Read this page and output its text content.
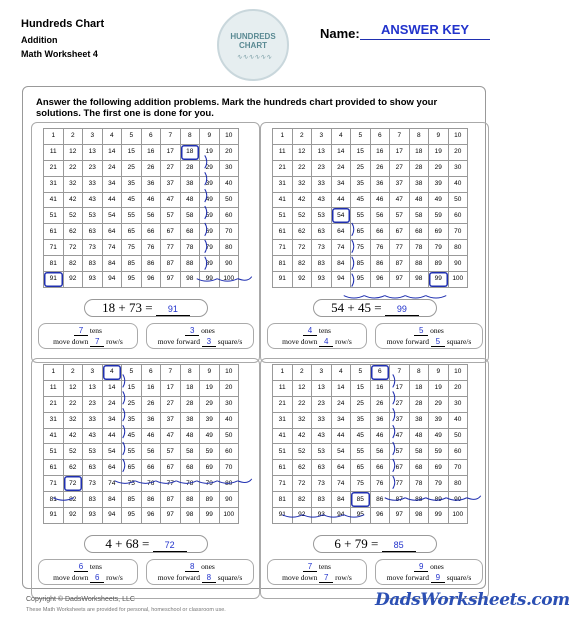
Hundreds Chart
Addition
Math Worksheet 4
HUNDREDS
CHART
∿∿∿∿∿∿
Name:	ANSWER KEY
Answer the following addition problems. Mark the hundreds chart provided to show your solutions. The first one is done for you.
1	2	3	4	5	6	7	8	9	10
11	12	13	14	15	16	17	18	19	20
21	22	23	24	25	26	27	28	29	30
31	32	33	34	35	36	37	38	39	40
41	42	43	44	45	46	47	48	49	50
51	52	53	54	55	56	57	58	59	60
61	62	63	64	65	66	67	68	69	70
71	72	73	74	75	76	77	78	79	80
81	82	83	84	85	86	87	88	89	90
91	92	93	94	95	96	97	98	99	100
18 + 73 = 91
7 tens
move down 7 row/s
3 ones
move forward 3 square/s
1	2	3	4	5	6	7	8	9	10
11	12	13	14	15	16	17	18	19	20
21	22	23	24	25	26	27	28	29	30
31	32	33	34	35	36	37	38	39	40
41	42	43	44	45	46	47	48	49	50
51	52	53	54	55	56	57	58	59	60
61	62	63	64	65	66	67	68	69	70
71	72	73	74	75	76	77	78	79	80
81	82	83	84	85	86	87	88	89	90
91	92	93	94	95	96	97	98	99	100
54 + 45 = 99
4 tens
move down 4 row/s
5 ones
move forward 5 square/s
1	2	3	4	5	6	7	8	9	10
11	12	13	14	15	16	17	18	19	20
21	22	23	24	25	26	27	28	29	30
31	32	33	34	35	36	37	38	39	40
41	42	43	44	45	46	47	48	49	50
51	52	53	54	55	56	57	58	59	60
61	62	63	64	65	66	67	68	69	70
71	72	73	74	75	76	77	78	79	80
81	82	83	84	85	86	87	88	89	90
91	92	93	94	95	96	97	98	99	100
4 + 68 = 72
6 tens
move down 6 row/s
8 ones
move forward 8 square/s
1	2	3	4	5	6	7	8	9	10
11	12	13	14	15	16	17	18	19	20
21	22	23	24	25	26	27	28	29	30
31	32	33	34	35	36	37	38	39	40
41	42	43	44	45	46	47	48	49	50
51	52	53	54	55	56	57	58	59	60
61	62	63	64	65	66	67	68	69	70
71	72	73	74	75	76	77	78	79	80
81	82	83	84	85	86	87	88	89	90
91	92	93	94	95	96	97	98	99	100
6 + 79 = 85
7 tens
move down 7 row/s
9 ones
move forward 9 square/s
Copyright © DadsWorksheets, LLC
These Math Worksheets are provided for personal, homeschool or classroom use.	DadsWorksheets.com
